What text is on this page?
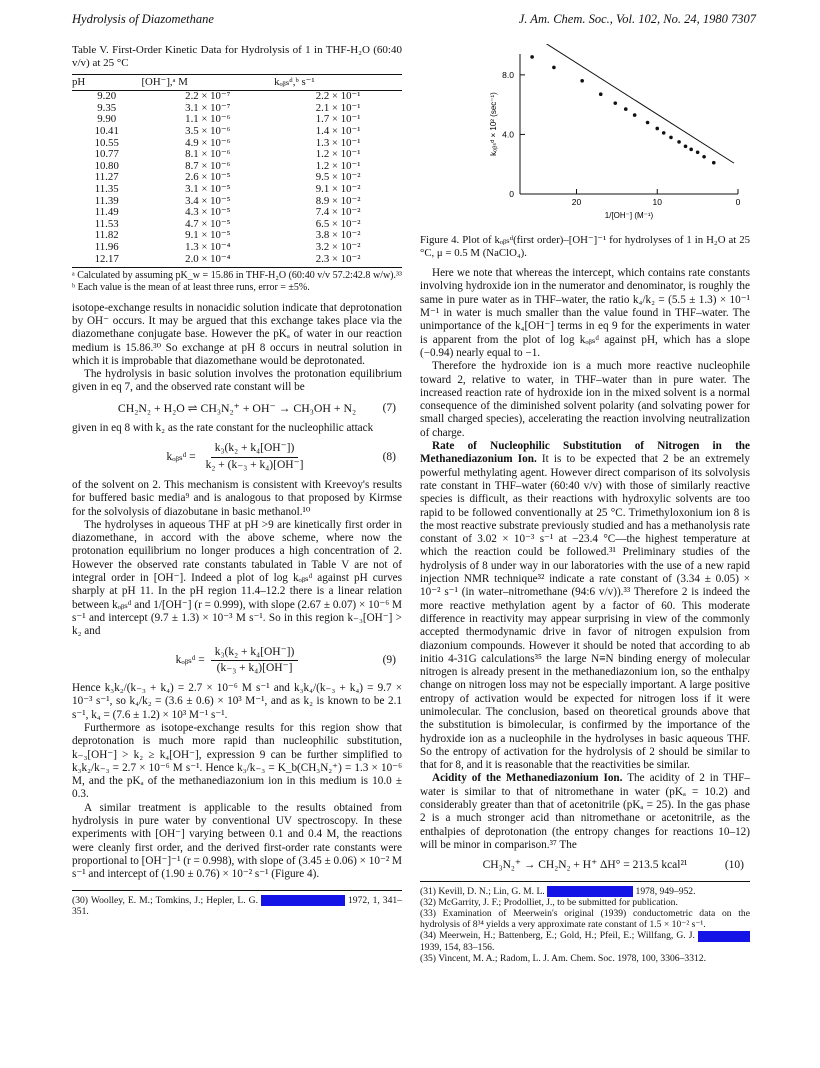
Hydrolysis of Diazomethane	J. Am. Chem. Soc., Vol. 102, No. 24, 1980 7307
Table V. First-Order Kinetic Data for Hydrolysis of 1 in THF-H₂O (60:40 v/v) at 25 °C
pH	[OH⁻],ᵃ M	kₒᵦₛᵈ,ᵇ s⁻¹
9.20	2.2 × 10⁻⁷	2.2 × 10⁻¹
9.35	3.1 × 10⁻⁷	2.1 × 10⁻¹
9.90	1.1 × 10⁻⁶	1.7 × 10⁻¹
10.41	3.5 × 10⁻⁶	1.4 × 10⁻¹
10.55	4.9 × 10⁻⁶	1.3 × 10⁻¹
10.77	8.1 × 10⁻⁶	1.2 × 10⁻¹
10.80	8.7 × 10⁻⁶	1.2 × 10⁻¹
11.27	2.6 × 10⁻⁵	9.5 × 10⁻²
11.35	3.1 × 10⁻⁵	9.1 × 10⁻²
11.39	3.4 × 10⁻⁵	8.9 × 10⁻²
11.49	4.3 × 10⁻⁵	7.4 × 10⁻²
11.53	4.7 × 10⁻⁵	6.5 × 10⁻²
11.82	9.1 × 10⁻⁵	3.8 × 10⁻²
11.96	1.3 × 10⁻⁴	3.2 × 10⁻²
12.17	2.0 × 10⁻⁴	2.3 × 10⁻²
ᵃ Calculated by assuming pK_w = 15.86 in THF-H₂O (60:40 v/v 57.2:42.8 w/w).³³ ᵇ Each value is the mean of at least three runs, error = ±5%.

isotope-exchange results in nonacidic solution indicate that deprotonation by OH⁻ occurs. It may be argued that this exchange takes place via the diazomethane conjugate base. However the pKₐ of water in our reaction medium is 15.86.³⁰ So exchange at pH 8 occurs in neutral solution in which it is improbable that diazomethane would be deprotonated.

The hydrolysis in basic solution involves the protonation equilibrium given in eq 7, and the observed rate constant will be

CH₂N₂ + H₂O ⇌ CH₃N₂⁺ + OH⁻ → CH₃OH + N₂ (7)

given in eq 8 with k₂ as the rate constant for the nucleophilic attack

kₒᵦₛᵈ = $\frac{\text{k₃(k₂ + k₄[OH⁻])}}{\text{k₂ + (k₋₃ + k₄)[OH⁻]}}$	(8)

of the solvent on 2. This mechanism is consistent with Kreevoy's results for buffered basic media⁹ and is analogous to that proposed by Kirmse for the solvolysis of diazobutane in basic methanol.¹⁰

The hydrolyses in aqueous THF at pH >9 are kinetically first order in diazomethane, in accord with the above scheme, where now the protonation equilibrium no longer produces a high concentration of 2. However the observed rate constants tabulated in Table V are not of integral order in [OH⁻]. Indeed a plot of log kₒᵦₛᵈ against pH curves sharply at pH 11. In the pH region 11.4–12.2 there is a linear relation between kₒᵦₛᵈ and 1/[OH⁻] (r = 0.999), with slope (2.67 ± 0.07) × 10⁻⁶ M s⁻¹ and intercept (9.7 ± 1.3) × 10⁻³ M s⁻¹. So in this region k₋₃[OH⁻] > k₂ and

kₒᵦₛᵈ = $\frac{\text{k₃(k₂ + k₄[OH⁻])}}{\text{(k₋₃ + k₄)[OH⁻]}}$	(9)

Hence k₃k₂/(k₋₃ + k₄) = 2.7 × 10⁻⁶ M s⁻¹ and k₃k₄/(k₋₃ + k₄) = 9.7 × 10⁻³ s⁻¹, so k₄/k₂ = (3.6 ± 0.6) × 10³ M⁻¹, and as k₂ is known to be 2.1 s⁻¹, k₄ = (7.6 ± 1.2) × 10³ M⁻¹ s⁻¹.

Furthermore as isotope-exchange results for this region show that deprotonation is much more rapid than nucleophilic substitution, k₋₃[OH⁻] > k₂ ≥ k₄[OH⁻], expression 9 can be further simplified to k₃k₂/k₋₃ = 2.7 × 10⁻⁶ M s⁻¹. Hence k₃/k₋₃ = K_b(CH₃N₂⁺) = 1.3 × 10⁻⁶ M, and the pKₐ of the methanediazonium ion in this medium is 10.0 ± 0.3.

A similar treatment is applicable to the results obtained from hydrolysis in pure water by conventional UV spectroscopy. In these experiments with [OH⁻] varying between 0.1 and 0.4 M, the reactions were cleanly first order, and the derived first-order rate constants were proportional to [OH⁻]⁻¹ (r = 0.998), with slope of (3.45 ± 0.06) × 10⁻² M s⁻¹ and intercept of (1.90 ± 0.76) × 10⁻² s⁻¹ (Figure 4).

(30) Woolley, E. M.; Tomkins, J.; Hepler, L. G.	1972, 1, 341–351.
0
4.0
8.0
20	10	0
1/[OH⁻] (M⁻¹)
kₒᵦₛᵈ × 10² (sec⁻¹)
Figure 4. Plot of kₒᵦₛᵈ(first order)–[OH⁻]⁻¹ for hydrolyses of 1 in H₂O at 25 °C, μ = 0.5 M (NaClO₄).

Here we note that whereas the intercept, which contains rate constants involving hydroxide ion in the numerator and denominator, is roughly the same in pure water as in THF–water, the ratio k₄/k₂ = (5.5 ± 1.3) × 10⁻¹ M⁻¹ in water is much smaller than the value found in THF–water. The unimportance of the k₄[OH⁻] terms in eq 9 for the experiments in water is apparent from the plot of log kₒᵦₛᵈ against pH, which has a slope (−0.94) nearly equal to −1.

Therefore the hydroxide ion is a much more reactive nucleophile toward 2, relative to water, in THF–water than in pure water. The increased reaction rate of hydroxide ion in the mixed solvent is a normal consequence of the diminished solvent polarity (and solvating power for small charged species), accelerating the reaction involving neutralization of charge.

Rate of Nucleophilic Substitution of Nitrogen in the Methanediazonium Ion. It is to be expected that 2 be an extremely powerful methylating agent. However direct comparison of its solvolysis rate constant in THF–water (60:40 v/v) with those of similarly reactive species is difficult, as their reactions with hydroxylic solvents are too rapid to be followed conventionally at 25 °C. Trimethyloxonium ion 8 is the most reactive substrate previously studied and has a methanolysis rate constant of 3.02 × 10⁻³ s⁻¹ at −23.4 °C—the highest temperature at which the reaction could be followed.³¹ Preliminary studies of the hydrolysis of 8 under way in our laboratories with the use of a new rapid injection NMR technique³² indicate a rate constant of (3.34 ± 0.05) × 10⁻² s⁻¹ (in water–nitromethane (94:6 v/v)).³³ Therefore 2 is indeed the more reactive methylation agent by a factor of 60. This moderate difference in reactivity may appear surprising in view of the commonly accepted thermodynamic drive in favor of nitrogen expulsion from diazonium compounds. However it should be noted that according to ab initio 4-31G calculations³⁵ the large N≡N binding energy of molecular nitrogen is already present in the methanediazonium ion, so the enthalpy change on nitrogen loss may not be especially important. A large positive entropy of activation would be expected for nitrogen loss if it were unimolecular. The conclusion, based on theoretical grounds above that the substitution is bimolecular, is confirmed by the importance of the hydroxide ion as a nucleophile in the hydrolyses in basic aqueous THF. So the entropy of activation for the hydrolysis of 2 should be similar to that for 8, and it is reasonable that the reactivities be similar.

Acidity of the Methanediazonium Ion. The acidity of 2 in THF–water is similar to that of nitromethane in water (pKₐ = 10.2) and considerably greater than that of acetonitrile (pKₐ = 25). In the gas phase 2 is a much stronger acid than nitromethane or acetonitrile, as the enthalpies of deprotonation (the entropy changes for reactions 10–12) will be minor in comparison.³⁷ The

CH₃N₂⁺ → CH₂N₂ + H⁺ ΔH° = 213.5 kcal²¹	(10)
(31) Kevill, D. N.; Lin, G. M. L.	1978, 949–952.
(32) McGarrity, J. F.; Prodolliet, J., to be submitted for publication.
(33) Examination of Meerwein's original (1939) conductometric data on the hydrolysis of 8³⁴ yields a very approximate rate constant of 1.5 × 10⁻² s⁻¹.
(34) Meerwein, H.; Battenberg, E.; Gold, H.; Pfeil, E.; Willfang, G. J.  1939, 154, 83–156.
(35) Vincent, M. A.; Radom, L. J. Am. Chem. Soc. 1978, 100, 3306–3312.
